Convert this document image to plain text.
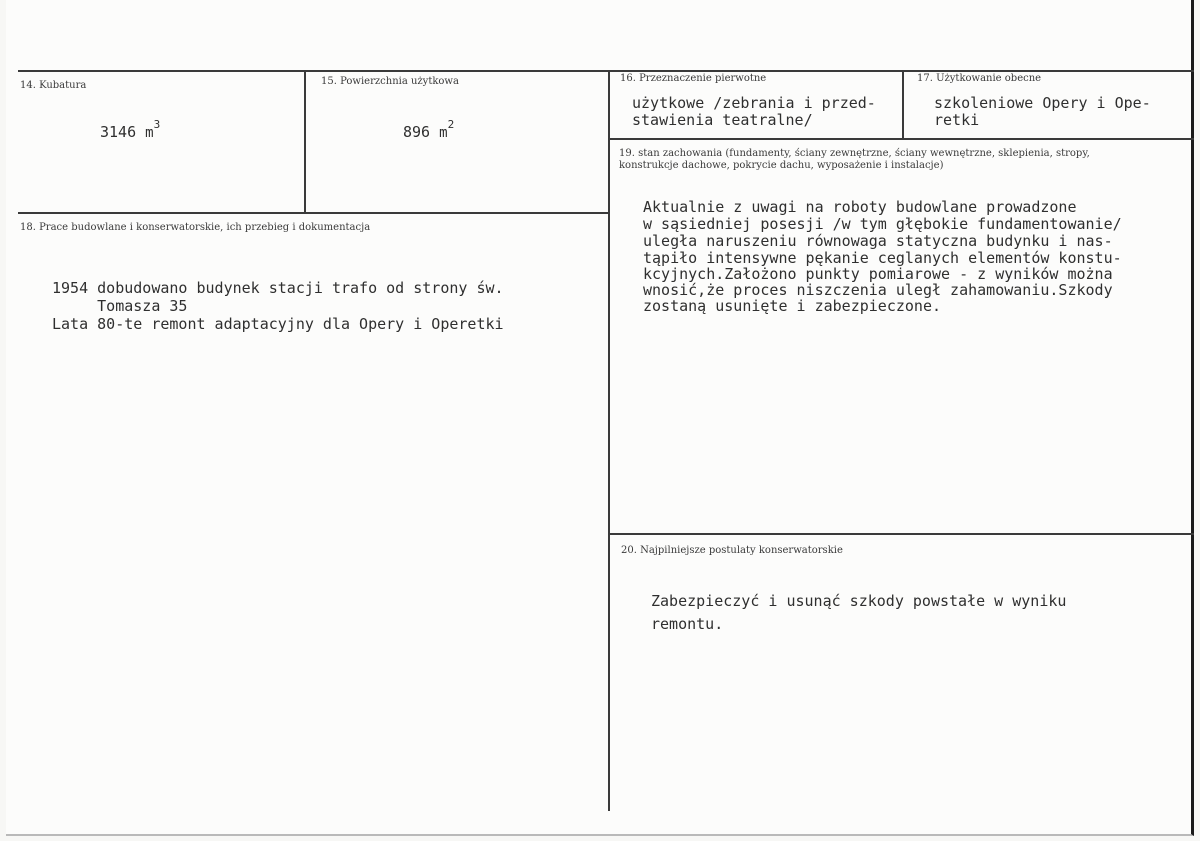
14. Kubatura
3146 $m^3$
15. Powierzchnia użytkowa
896 $m^2$
16. Przeznaczenie pierwotne
użytkowe /zebrania i przed-
stawienia teatralne/
17. Użytkowanie obecne
szkoleniowe Opery i Ope-
retki
18. Prace budowlane i konserwatorskie, ich przebieg i dokumentacja
1954 dobudowano budynek stacji trafo od strony św.
Tomasza 35
Lata 80-te remont adaptacyjny dla Opery i Operetki
19. stan zachowania (fundamenty, ściany zewnętrzne, ściany wewnętrzne, sklepienia, stropy,
konstrukcje dachowe, pokrycie dachu, wyposażenie i instalacje)
Aktualnie z uwagi na roboty budowlane prowadzone
w sąsiedniej posesji /w tym głębokie fundamentowanie/
uległa naruszeniu równowaga statyczna budynku i nas-
tąpiło intensywne pękanie ceglanych elementów konstu-
kcyjnych.Założono punkty pomiarowe - z wyników można
wnosić,że proces niszczenia uległ zahamowaniu.Szkody
zostaną usunięte i zabezpieczone.
20. Najpilniejsze postulaty konserwatorskie
Zabezpieczyć i usunąć szkody powstałe w wyniku
remontu.
